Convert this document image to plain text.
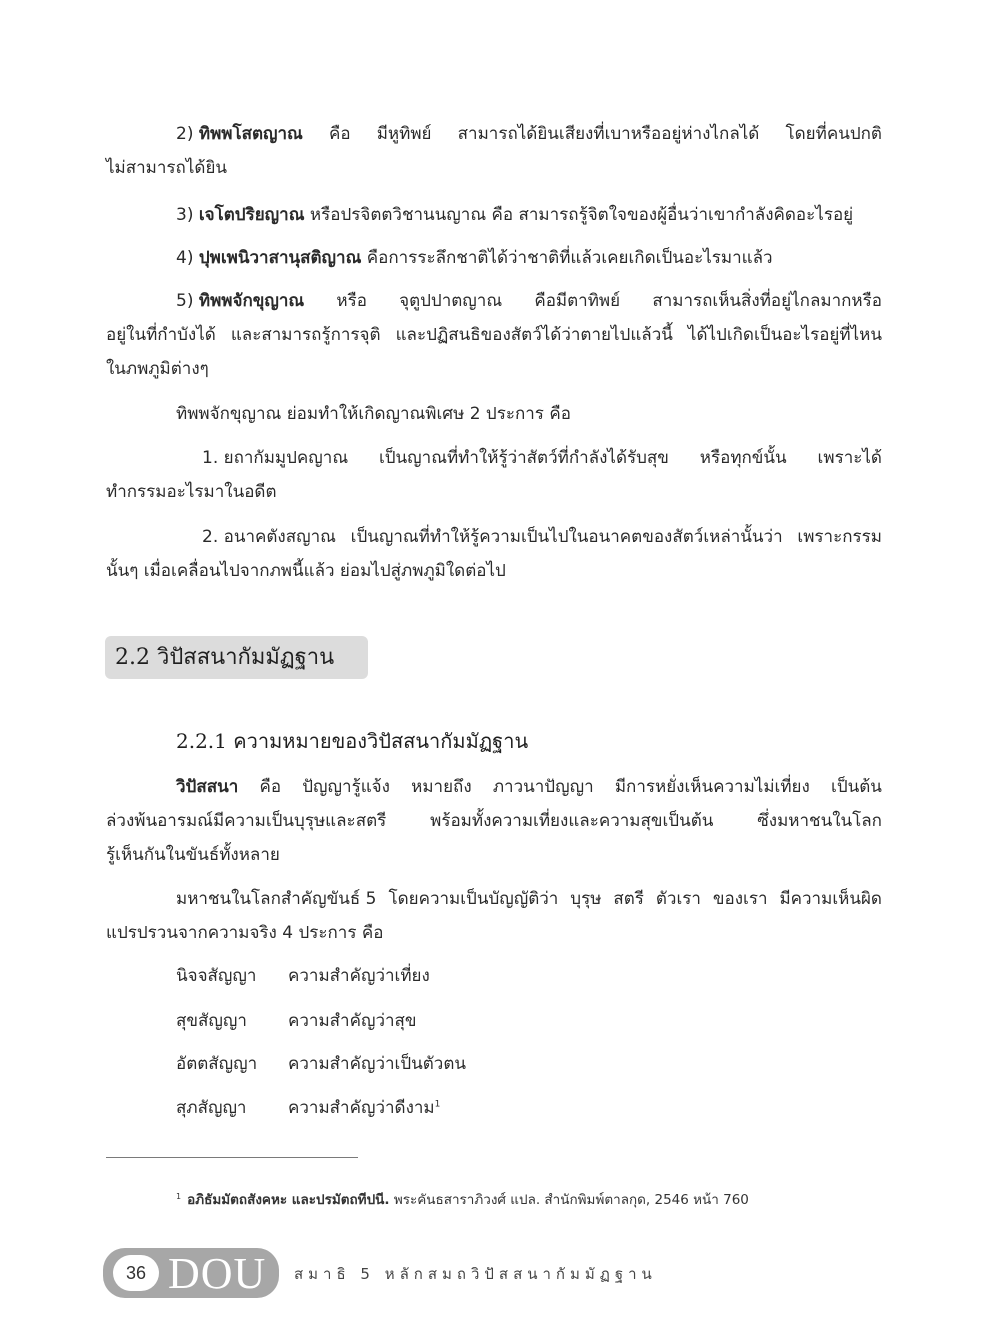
2) ทิพพโสตญาณ คือ มีหูทิพย์ สามารถได้ยินเสียงที่เบาหรืออยู่ห่างไกลได้ โดยที่คนปกติ
ไม่สามารถได้ยิน
3)
เจโตปริยญาณ
หรือปรจิตตวิชานนญาณ คือ สามารถรู้จิตใจของผู้อื่นว่าเขากำลังคิดอะไรอยู่
4)
ปุพเพนิวาสานุสติญาณ
คือการระลึกชาติได้ว่าชาติที่แล้วเคยเกิดเป็นอะไรมาแล้ว
5) ทิพพจักขุญาณ หรือ จุตูปปาตญาณ คือมีตาทิพย์ สามารถเห็นสิ่งที่อยู่ไกลมากหรือ
อยู่ในที่กำบังได้ และสามารถรู้การจุติ และปฏิสนธิของสัตว์ได้ว่าตายไปแล้วนี้ ได้ไปเกิดเป็นอะไรอยู่ที่ไหน
ในภพภูมิต่างๆ
ทิพพจักขุญาณ ย่อมทำให้เกิดญาณพิเศษ 2 ประการ คือ
1. ยถากัมมูปคญาณ เป็นญาณที่ทำให้รู้ว่าสัตว์ที่กำลังได้รับสุข หรือทุกข์นั้น เพราะได้
ทำกรรมอะไรมาในอดีต
2. อนาคตังสญาณ เป็นญาณที่ทำให้รู้ความเป็นไปในอนาคตของสัตว์เหล่านั้นว่า เพราะกรรม
นั้นๆ เมื่อเคลื่อนไปจากภพนี้แล้ว ย่อมไปสู่ภพภูมิใดต่อไป
2.2 วิปัสสนากัมมัฏฐาน
2.2.1 ความหมายของวิปัสสนากัมมัฏฐาน
วิปัสสนา คือ ปัญญารู้แจ้ง หมายถึง ภาวนาปัญญา มีการหยั่งเห็นความไม่เที่ยง เป็นต้น
ล่วงพ้นอารมณ์มีความเป็นบุรุษและสตรี	พร้อมทั้งความเที่ยงและความสุขเป็นต้น	ซึ่งมหาชนในโลก
รู้เห็นกันในขันธ์ทั้งหลาย
มหาชนในโลกสำคัญขันธ์ 5 โดยความเป็นบัญญัติว่า บุรุษ สตรี ตัวเรา ของเรา มีความเห็นผิด
แปรปรวนจากความจริง 4 ประการ คือ
นิจจสัญญา	ความสำคัญว่าเที่ยง
สุขสัญญา	ความสำคัญว่าสุข
อัตตสัญญา	ความสำคัญว่าเป็นตัวตน
สุภสัญญา	ความสำคัญว่าดีงาม$^1$
$^1$ อภิธัมมัตถสังคหะ และปรมัตถทีปนี. พระคันธสาราภิวงศ์ แปล. สำนักพิมพ์ตาลกุด, 2546 หน้า 760
36 DOU สมาธิ 5 หลักสมถวิปัสสนากัมมัฏฐาน
